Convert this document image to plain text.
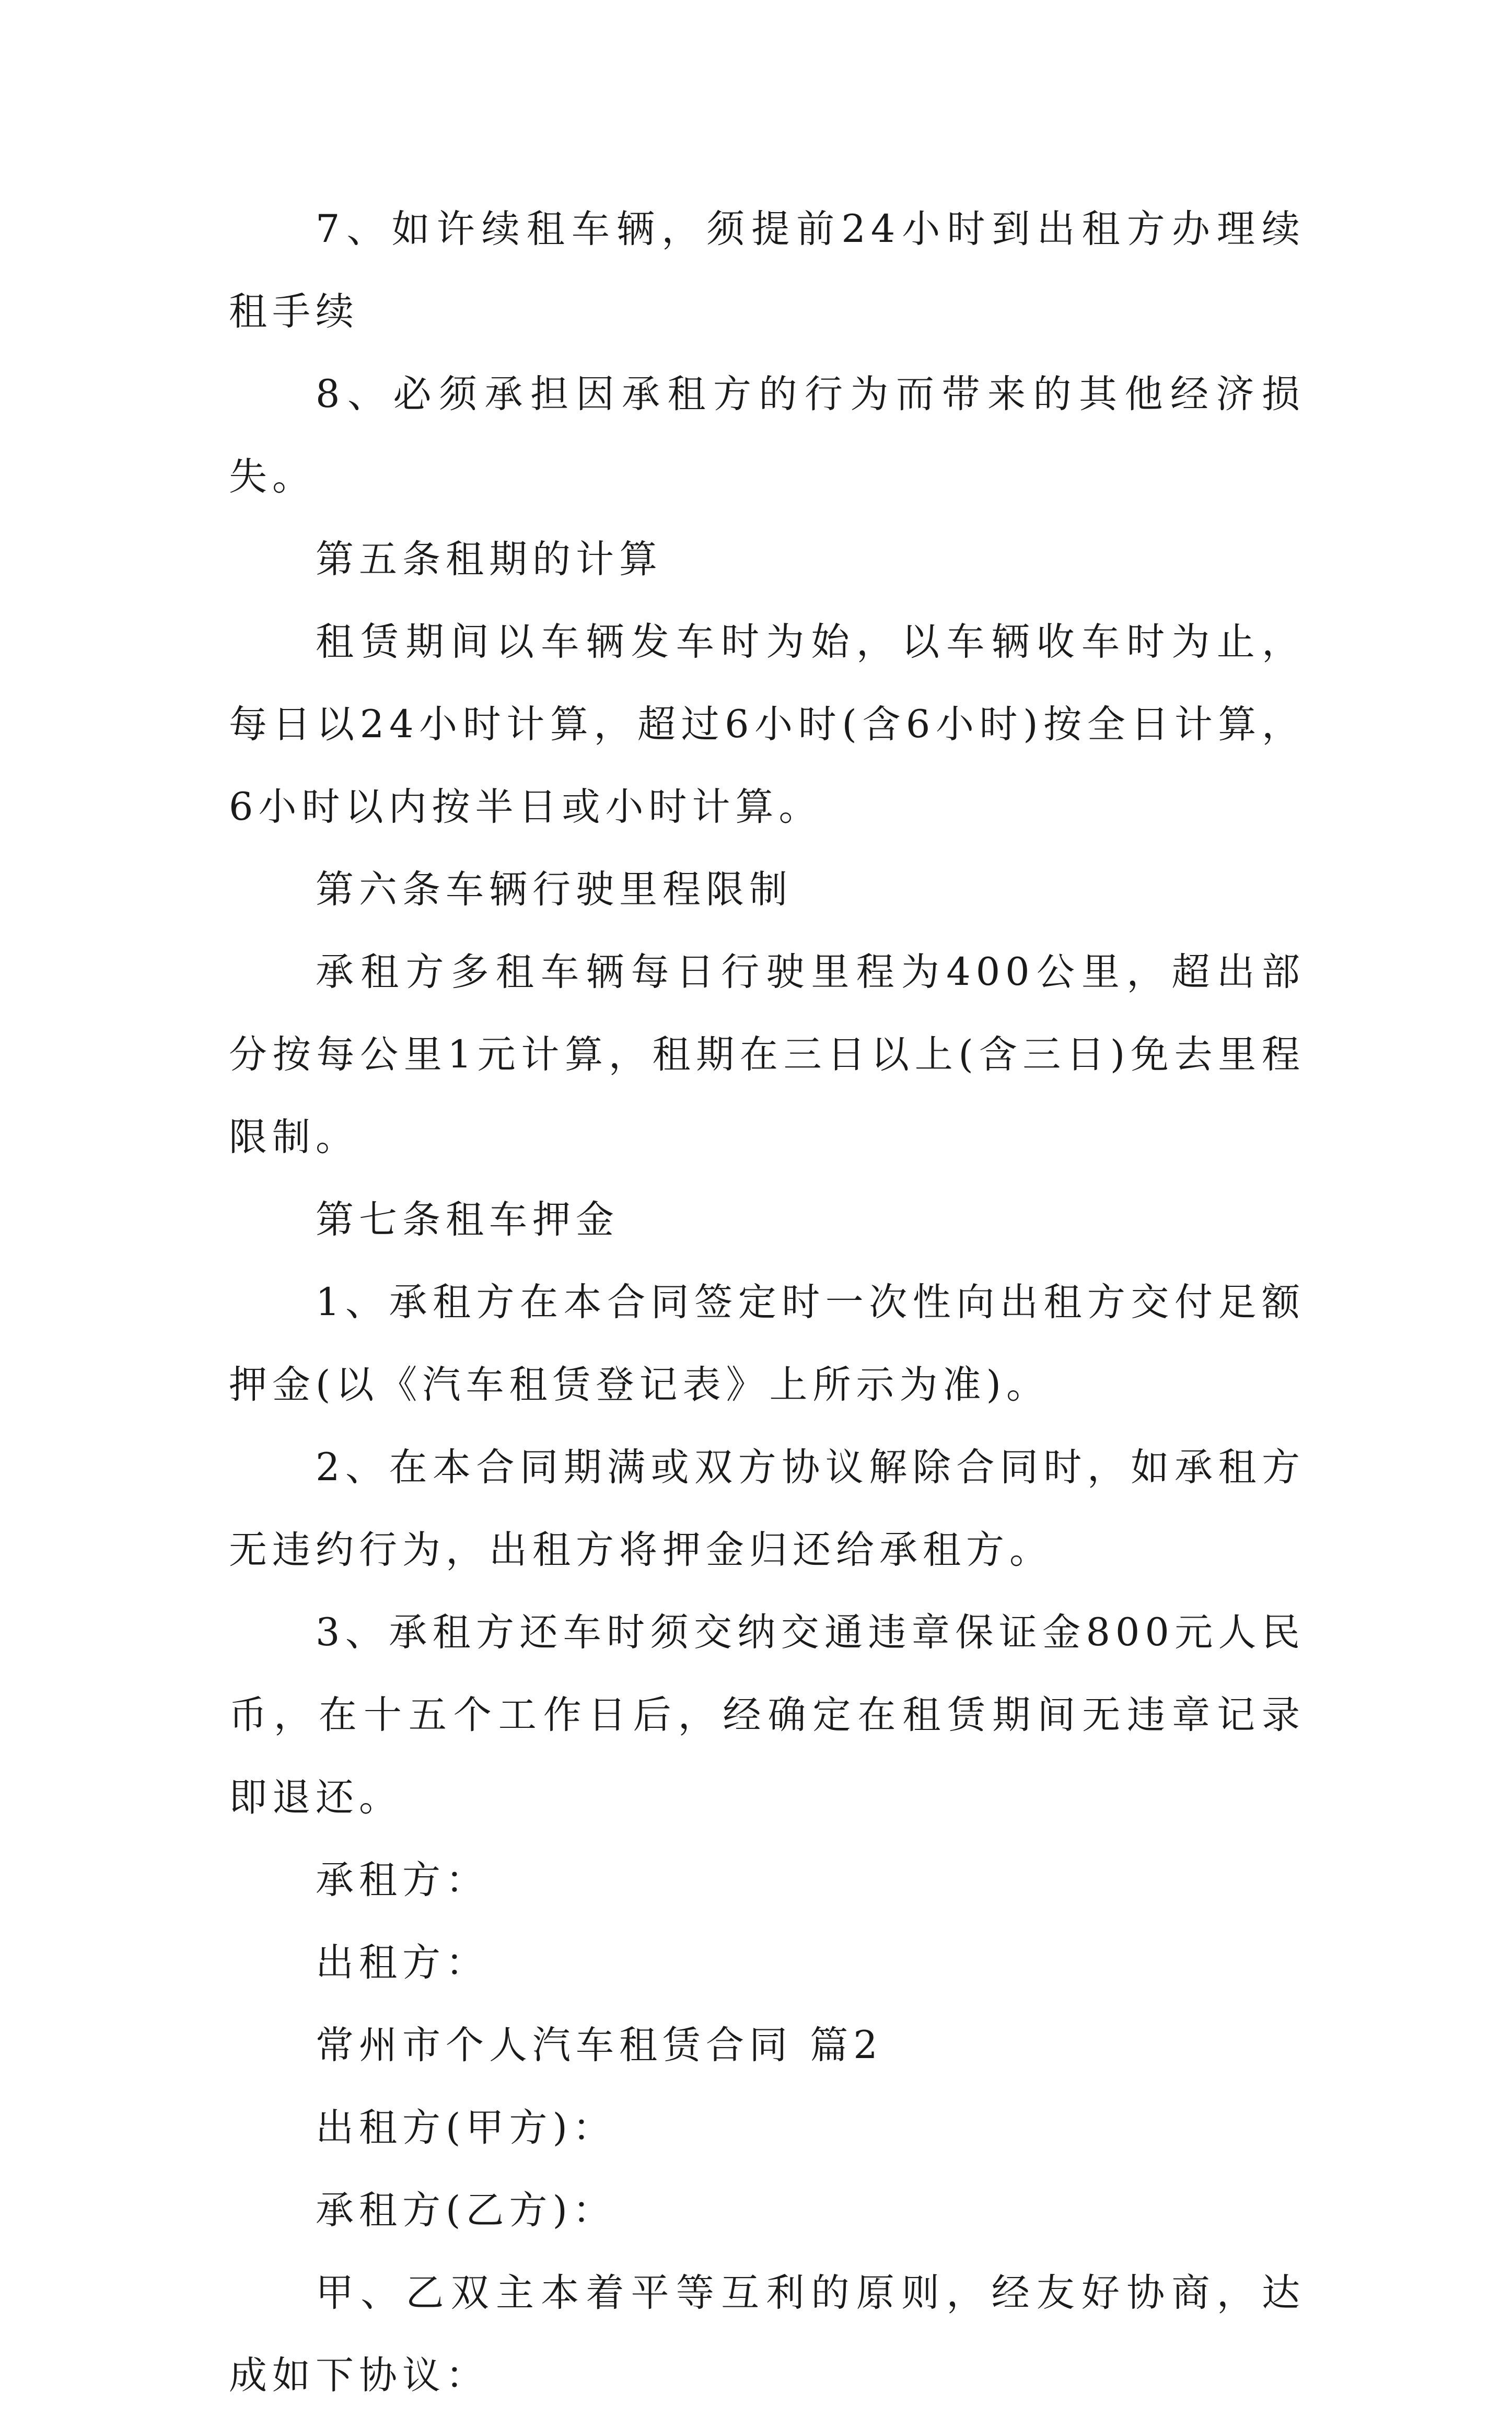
7、如许续租车辆，须提前24小时到出租方办理续租手续

8、必须承担因承租方的行为而带来的其他经济损失。

第五条租期的计算

租赁期间以车辆发车时为始，以车辆收车时为止，每日以24小时计算，超过6小时(含6小时)按全日计算，6小时以内按半日或小时计算。

第六条车辆行驶里程限制

承租方多租车辆每日行驶里程为400公里，超出部分按每公里1元计算，租期在三日以上(含三日)免去里程限制。

第七条租车押金

1、承租方在本合同签定时一次性向出租方交付足额押金(以《汽车租赁登记表》上所示为准)。

2、在本合同期满或双方协议解除合同时，如承租方无违约行为，出租方将押金归还给承租方。

3、承租方还车时须交纳交通违章保证金800元人民币，在十五个工作日后，经确定在租赁期间无违章记录即退还。

承租方：

出租方：

常州市个人汽车租赁合同 篇2

出租方(甲方)：

承租方(乙方)：

甲、乙双主本着平等互利的原则，经友好协商，达成如下协议：
